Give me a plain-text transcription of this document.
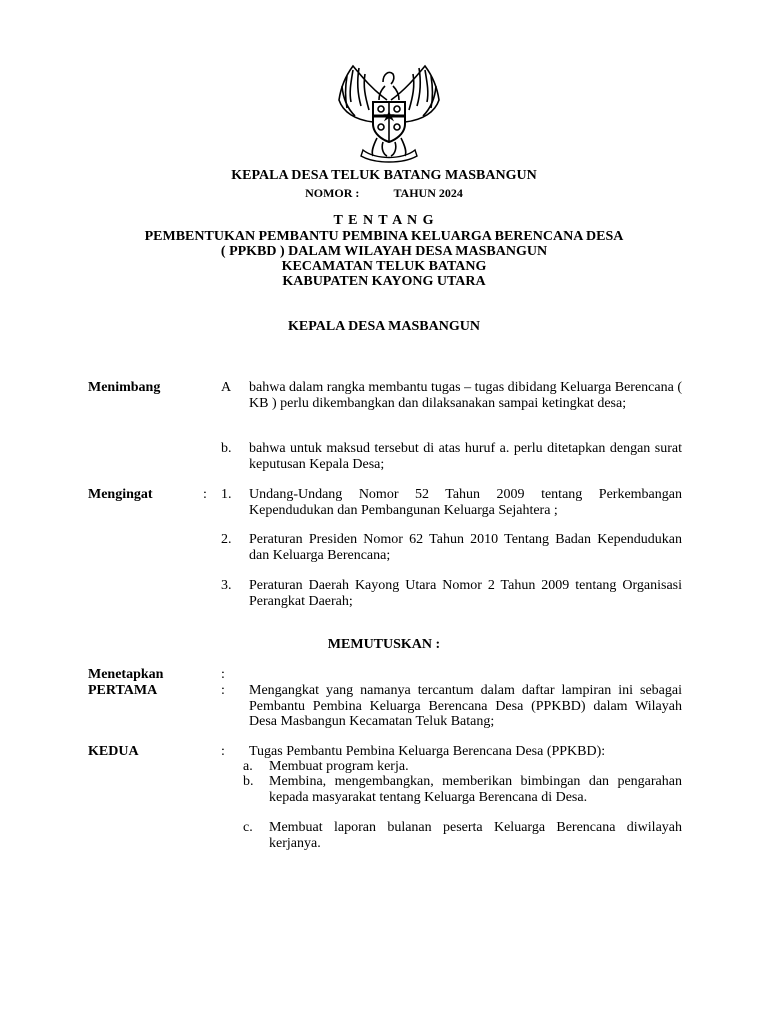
KEPALA DESA TELUK BATANG MASBANGUN
NOMOR :	TAHUN 2024
T E N T A N G
PEMBENTUKAN PEMBANTU PEMBINA KELUARGA BERENCANA DESA
( PPKBD ) DALAM WILAYAH DESA MASBANGUN
KECAMATAN TELUK BATANG
KABUPATEN KAYONG UTARA
KEPALA DESA MASBANGUN
Menimbang	A bahwa dalam rangka membantu tugas – tugas dibidang Keluarga Berencana ( KB ) perlu dikembangkan dan dilaksanakan sampai ketingkat desa;
b. bahwa untuk maksud tersebut di atas huruf a. perlu ditetapkan dengan surat keputusan Kepala Desa;
Mengingat	: 1. Undang-Undang Nomor 52 Tahun 2009 tentang Perkembangan Kependudukan dan Pembangunan Keluarga Sejahtera ;
2. Peraturan Presiden Nomor 62 Tahun 2010 Tentang Badan Kependudukan dan Keluarga Berencana;
3. Peraturan Daerah Kayong Utara Nomor 2 Tahun 2009 tentang Organisasi Perangkat Daerah;
MEMUTUSKAN :
Menetapkan	:
PERTAMA	: Mengangkat yang namanya tercantum dalam daftar lampiran ini sebagai Pembantu Pembina Keluarga Berencana Desa (PPKBD) dalam Wilayah Desa Masbangun Kecamatan Teluk Batang;
KEDUA	: Tugas Pembantu Pembina Keluarga Berencana Desa (PPKBD):
a. Membuat program kerja.
b. Membina, mengembangkan, memberikan bimbingan dan pengarahan kepada masyarakat tentang Keluarga Berencana di Desa.
c. Membuat laporan bulanan peserta Keluarga Berencana diwilayah kerjanya.
